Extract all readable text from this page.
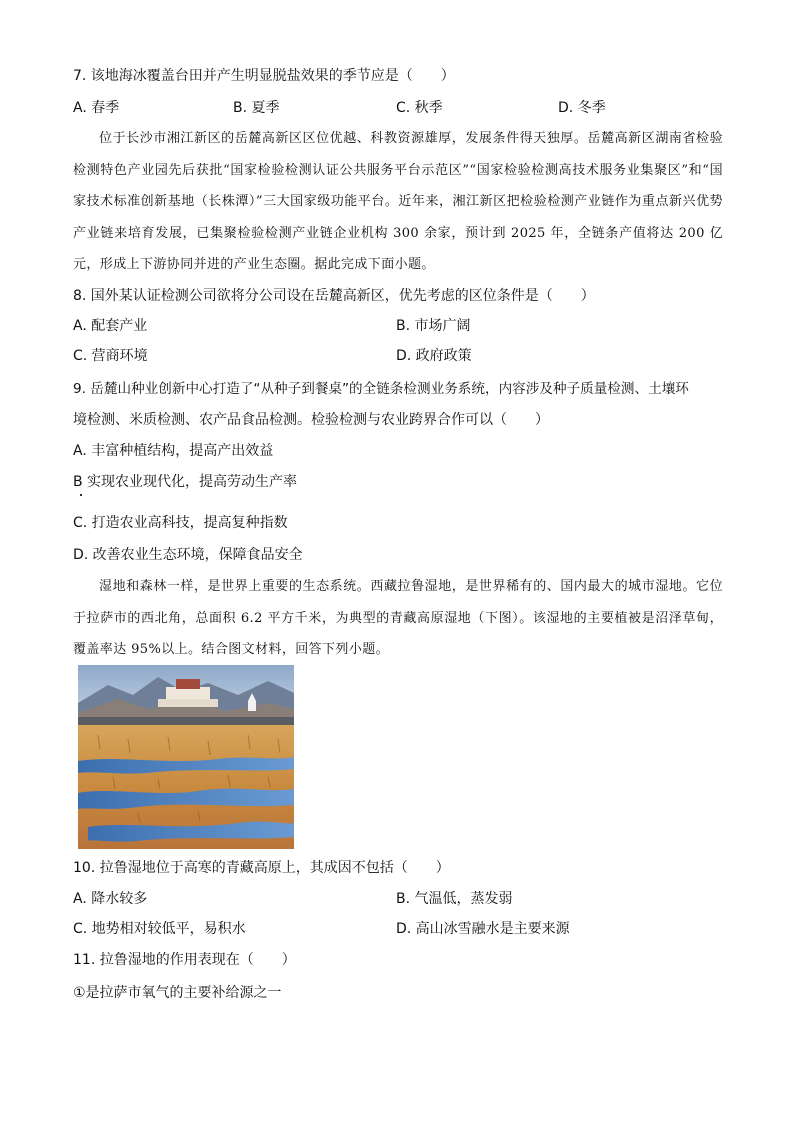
7. 该地海冰覆盖台田并产生明显脱盐效果的季节应是（　　）
A. 春季	B. 夏季	C. 秋季	D. 冬季
位于长沙市湘江新区的岳麓高新区区位优越、科教资源雄厚，发展条件得天独厚。岳麓高新区湖南省检验检测特色产业园先后获批“国家检验检测认证公共服务平台示范区”“国家检验检测高技术服务业集聚区”和“国家技术标准创新基地（长株潭）”三大国家级功能平台。近年来，湘江新区把检验检测产业链作为重点新兴优势产业链来培育发展，已集聚检验检测产业链企业机构 300 余家，预计到 2025 年，全链条产值将达 200 亿元，形成上下游协同并进的产业生态圈。据此完成下面小题。
8. 国外某认证检测公司欲将分公司设在岳麓高新区，优先考虑的区位条件是（　　）
A. 配套产业	B. 市场广阔
C. 营商环境	D. 政府政策
9. 岳麓山种业创新中心打造了“从种子到餐桌”的全链条检测业务系统，内容涉及种子质量检测、土壤环
境检测、米质检测、农产品食品检测。检验检测与农业跨界合作可以（　　）
A. 丰富种植结构，提高产出效益
B 实现农业现代化，提高劳动生产率
C. 打造农业高科技，提高复种指数
D. 改善农业生态环境，保障食品安全
湿地和森林一样，是世界上重要的生态系统。西藏拉鲁湿地，是世界稀有的、国内最大的城市湿地。它位于拉萨市的西北角，总面积 6.2 平方千米，为典型的青藏高原湿地（下图）。该湿地的主要植被是沼泽草甸，覆盖率达 95%以上。结合图文材料，回答下列小题。
10. 拉鲁湿地位于高寒的青藏高原上，其成因不包括（　　）
A. 降水较多	B. 气温低，蒸发弱
C. 地势相对较低平，易积水	D. 高山冰雪融水是主要来源
11. 拉鲁湿地的作用表现在（　　）
①是拉萨市氧气的主要补给源之一
